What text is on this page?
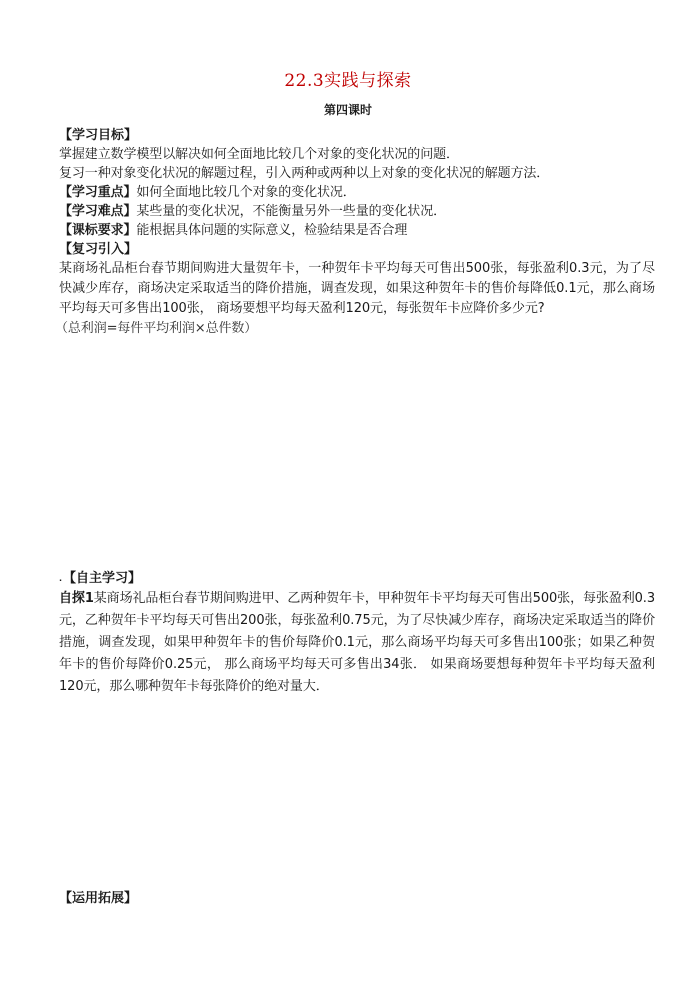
22.3实践与探索
第四课时
【学习目标】

掌握建立数学模型以解决如何全面地比较几个对象的变化状况的问题．

复习一种对象变化状况的解题过程，引入两种或两种以上对象的变化状况的解题方法．

【学习重点】如何全面地比较几个对象的变化状况．

【学习难点】某些量的变化状况，不能衡量另外一些量的变化状况．

【课标要求】能根据具体问题的实际意义，检验结果是否合理

【复习引入】

某商场礼品柜台春节期间购进大量贺年卡，一种贺年卡平均每天可售出500张，每张盈利0.3元，为了尽快减少库存，商场决定采取适当的降价措施，调查发现，如果这种贺年卡的售价每降低0.1元，那么商场平均每天可多售出100张， 商场要想平均每天盈利120元，每张贺年卡应降价多少元?

（总利润=每件平均利润×总件数）

.【自主学习】

自探1某商场礼品柜台春节期间购进甲、乙两种贺年卡，甲种贺年卡平均每天可售出500张，每张盈利0.3元，乙种贺年卡平均每天可售出200张，每张盈利0.75元，为了尽快减少库存，商场决定采取适当的降价措施，调查发现，如果甲种贺年卡的售价每降价0.1元，那么商场平均每天可多售出100张；如果乙种贺年卡的售价每降价0.25元， 那么商场平均每天可多售出34张． 如果商场要想每种贺年卡平均每天盈利120元，那么哪种贺年卡每张降价的绝对量大．

【运用拓展】
